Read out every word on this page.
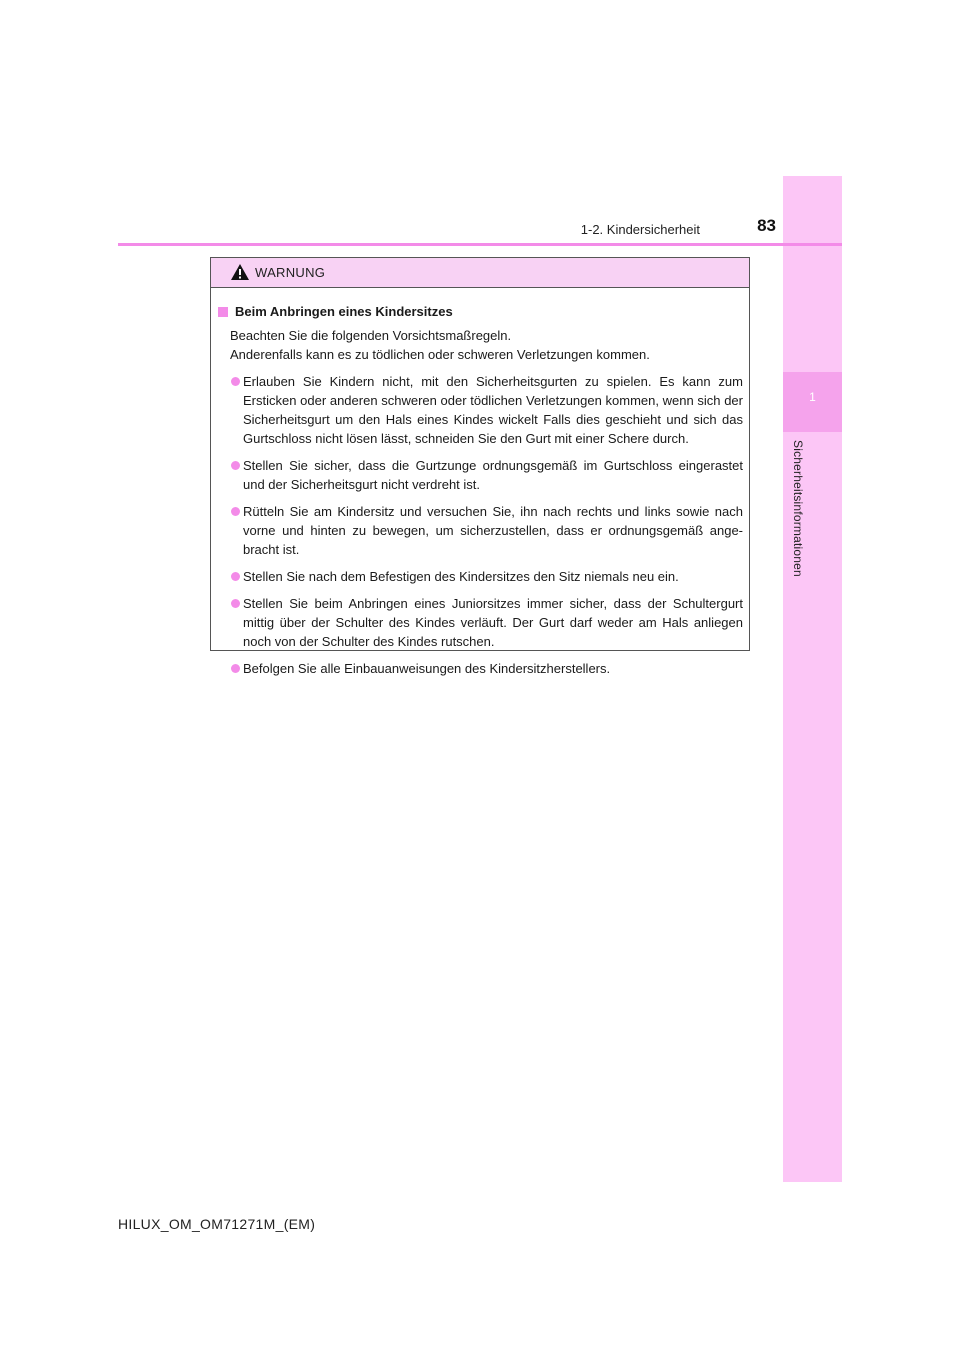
1
Sicherheitsinformationen
1-2. Kindersicherheit	83
WARNUNG
Beim Anbringen eines Kindersitzes

Beachten Sie die folgenden Vorsichtsmaßregeln.

Anderenfalls kann es zu tödlichen oder schweren Verletzungen kommen.

Erlauben Sie Kindern nicht, mit den Sicherheitsgurten zu spielen. Es kann zum Ersticken oder anderen schweren oder tödlichen Verletzungen kommen, wenn sich der Sicherheitsgurt um den Hals eines Kindes wickelt Falls dies geschieht und sich das Gurtschloss nicht lösen lässt, schneiden Sie den Gurt mit einer Schere durch.
Stellen Sie sicher, dass die Gurtzunge ordnungsgemäß im Gurtschloss eingerastet und der Sicherheitsgurt nicht verdreht ist.
Rütteln Sie am Kindersitz und versuchen Sie, ihn nach rechts und links sowie nach vorne und hinten zu bewegen, um sicherzustellen, dass er ordnungsgemäß ange-bracht ist.
Stellen Sie nach dem Befestigen des Kindersitzes den Sitz niemals neu ein.
Stellen Sie beim Anbringen eines Juniorsitzes immer sicher, dass der Schultergurt mittig über der Schulter des Kindes verläuft. Der Gurt darf weder am Hals anliegen noch von der Schulter des Kindes rutschen.
Befolgen Sie alle Einbauanweisungen des Kindersitzherstellers.
HILUX_OM_OM71271M_(EM)
